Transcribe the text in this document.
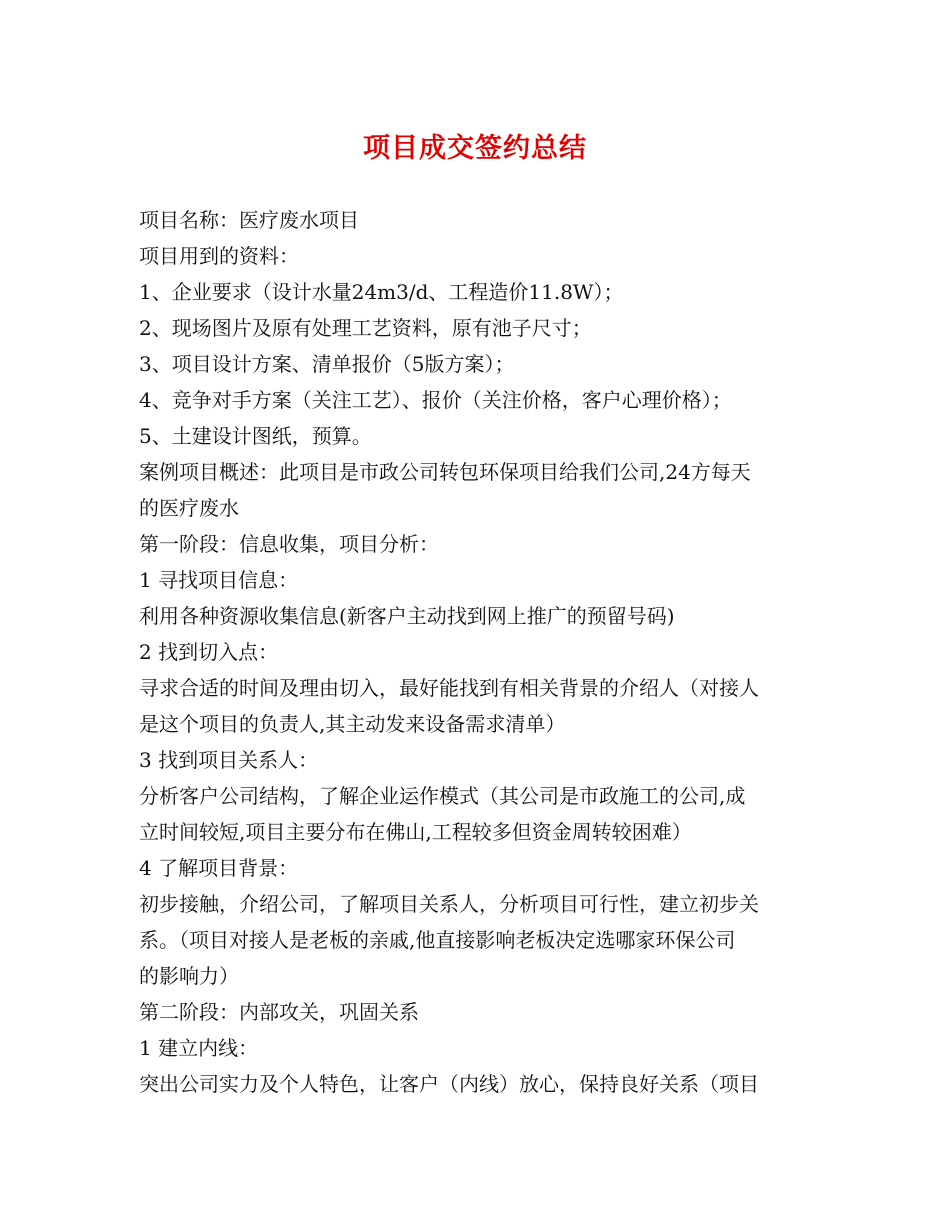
项目成交签约总结
项目名称：医疗废水项目
项目用到的资料：
1、企业要求（设计水量24m3/d、工程造价11.8W）；
2、现场图片及原有处理工艺资料，原有池子尺寸；
3、项目设计方案、清单报价（5版方案）；
4、竞争对手方案（关注工艺）、报价（关注价格，客户心理价格）；
5、土建设计图纸，预算。
案例项目概述：此项目是市政公司转包环保项目给我们公司,24方每天
的医疗废水
第一阶段：信息收集，项目分析：
1 寻找项目信息：
利用各种资源收集信息(新客户主动找到网上推广的预留号码)
2 找到切入点：
寻求合适的时间及理由切入，最好能找到有相关背景的介绍人（对接人
是这个项目的负责人,其主动发来设备需求清单）
3 找到项目关系人：
分析客户公司结构，了解企业运作模式（其公司是市政施工的公司,成
立时间较短,项目主要分布在佛山,工程较多但资金周转较困难）
4 了解项目背景：
初步接触，介绍公司，了解项目关系人，分析项目可行性，建立初步关
系。（项目对接人是老板的亲戚,他直接影响老板决定选哪家环保公司
的影响力）
第二阶段：内部攻关，巩固关系
1 建立内线：
突出公司实力及个人特色，让客户（内线）放心，保持良好关系（项目
